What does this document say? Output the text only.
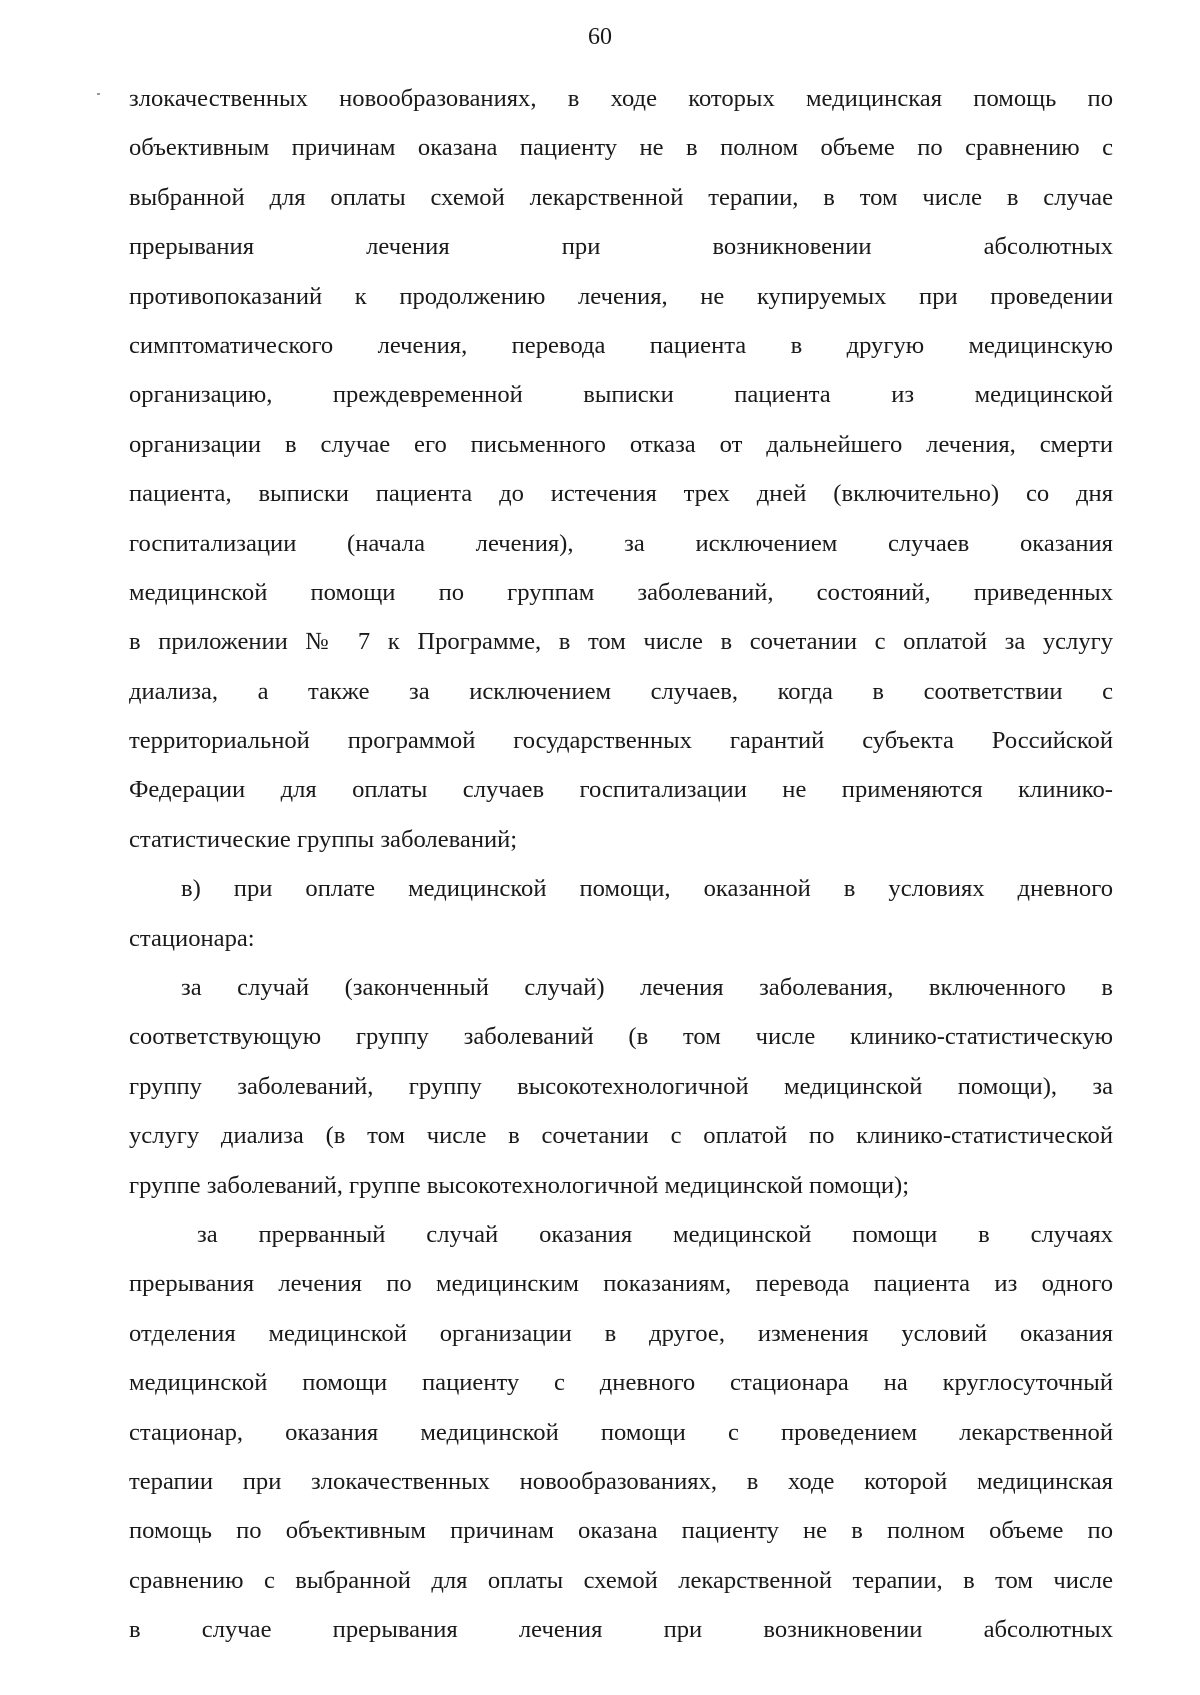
60
злокачественных новообразованиях, в ходе которых медицинская помощь по
объективным причинам оказана пациенту не в полном объеме по сравнению с
выбранной для оплаты схемой лекарственной терапии, в том числе в случае
прерывания лечения при возникновении абсолютных
противопоказаний к продолжению лечения, не купируемых при проведении
симптоматического лечения, перевода пациента в другую медицинскую
организацию, преждевременной выписки пациента из медицинской
организации в случае его письменного отказа от дальнейшего лечения, смерти
пациента, выписки пациента до истечения трех дней (включительно) со дня
госпитализации (начала лечения), за исключением случаев оказания
медицинской помощи по группам заболеваний, состояний, приведенных
в приложении № 7 к Программе, в том числе в сочетании с оплатой за услугу
диализа, а также за исключением случаев, когда в соответствии с
территориальной программой государственных гарантий субъекта Российской
Федерации для оплаты случаев госпитализации не применяются клинико-
статистические группы заболеваний;
в) при оплате медицинской помощи, оказанной в условиях дневного
стационара:
за случай (законченный случай) лечения заболевания, включенного в
соответствующую группу заболеваний (в том числе клинико-статистическую
группу заболеваний, группу высокотехнологичной медицинской помощи), за
услугу диализа (в том числе в сочетании с оплатой по клинико-статистической
группе заболеваний, группе высокотехнологичной медицинской помощи);
за прерванный случай оказания медицинской помощи в случаях
прерывания лечения по медицинским показаниям, перевода пациента из одного
отделения медицинской организации в другое, изменения условий оказания
медицинской помощи пациенту с дневного стационара на круглосуточный
стационар, оказания медицинской помощи с проведением лекарственной
терапии при злокачественных новообразованиях, в ходе которой медицинская
помощь по объективным причинам оказана пациенту не в полном объеме по
сравнению с выбранной для оплаты схемой лекарственной терапии, в том числе
в случае прерывания лечения при возникновении абсолютных
